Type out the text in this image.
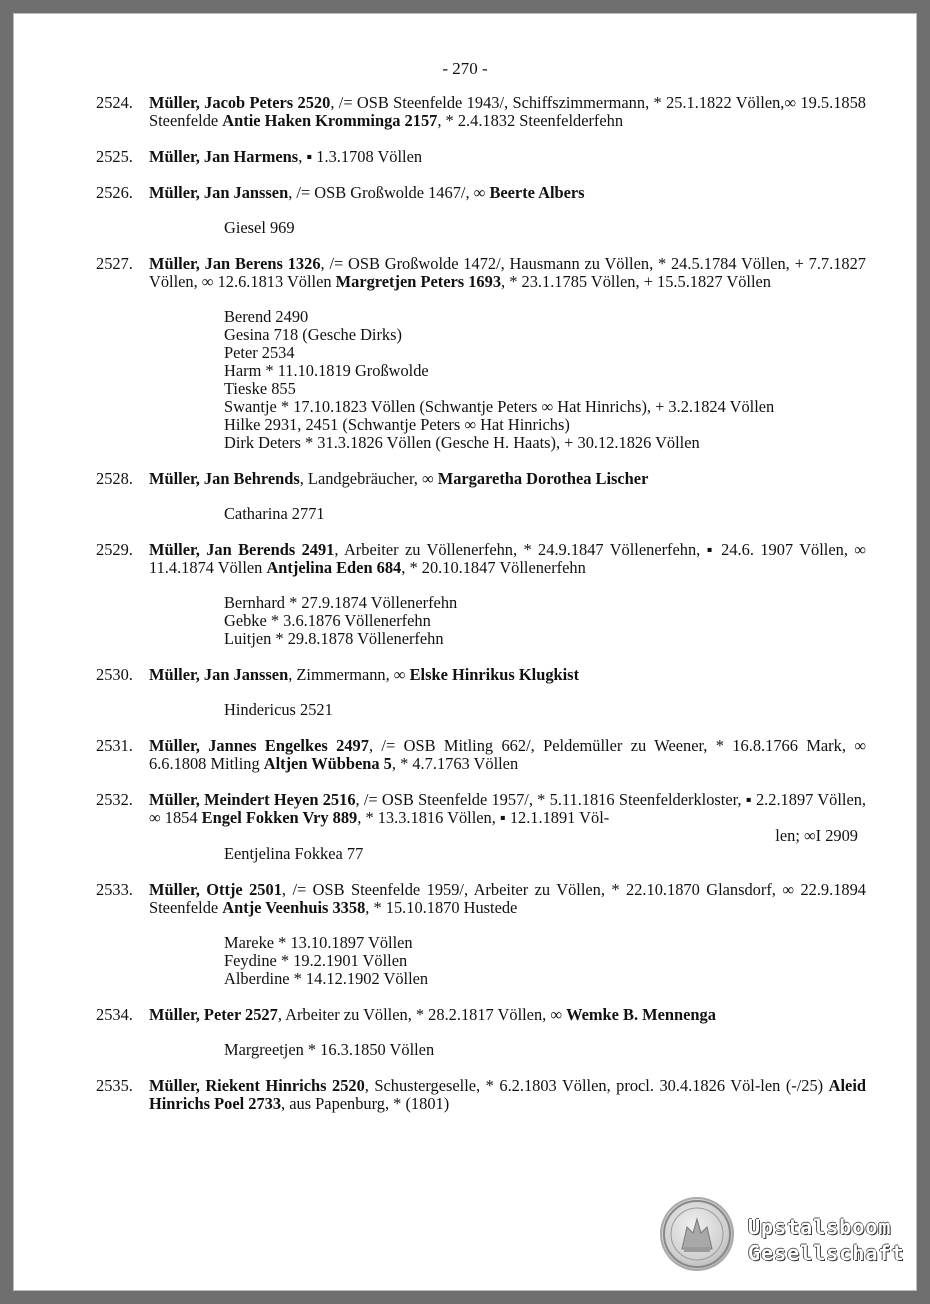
- 270 -
2524. Müller, Jacob Peters 2520, /= OSB Steenfelde 1943/, Schiffszimmermann, * 25.1.1822 Völlen,∞ 19.5.1858 Steenfelde Antie Haken Kromminga 2157, * 2.4.1832 Steenfelderfehn

2525. Müller, Jan Harmens, ▪ 1.3.1708 Völlen

2526. Müller, Jan Janssen, /= OSB Großwolde 1467/, ∞ Beerte Albers

Giesel 969
2527. Müller, Jan Berens 1326, /= OSB Großwolde 1472/, Hausmann zu Völlen, * 24.5.1784 Völlen, + 7.7.1827 Völlen, ∞ 12.6.1813 Völlen Margretjen Peters 1693, * 23.1.1785 Völlen, + 15.5.1827 Völlen

Berend 2490
Gesina 718 (Gesche Dirks)
Peter 2534
Harm * 11.10.1819 Großwolde
Tieske 855
Swantje * 17.10.1823 Völlen (Schwantje Peters ∞ Hat Hinrichs), + 3.2.1824 Völlen
Hilke 2931, 2451 (Schwantje Peters ∞ Hat Hinrichs)
Dirk Deters * 31.3.1826 Völlen (Gesche H. Haats), + 30.12.1826 Völlen
2528. Müller, Jan Behrends, Landgebräucher, ∞ Margaretha Dorothea Lischer

Catharina 2771
2529. Müller, Jan Berends 2491, Arbeiter zu Völlenerfehn, * 24.9.1847 Völlenerfehn, ▪ 24.6. 1907 Völlen, ∞ 11.4.1874 Völlen Antjelina Eden 684, * 20.10.1847 Völlenerfehn

Bernhard * 27.9.1874 Völlenerfehn
Gebke * 3.6.1876 Völlenerfehn
Luitjen * 29.8.1878 Völlenerfehn
2530. Müller, Jan Janssen, Zimmermann, ∞ Elske Hinrikus Klugkist

Hindericus 2521
2531. Müller, Jannes Engelkes 2497, /= OSB Mitling 662/, Peldemüller zu Weener, * 16.8.1766 Mark, ∞ 6.6.1808 Mitling Altjen Wübbena 5, * 4.7.1763 Völlen

2532. Müller, Meindert Heyen 2516, /= OSB Steenfelde 1957/, * 5.11.1816 Steenfelderkloster, ▪ 2.2.1897 Völlen, ∞ 1854 Engel Fokken Vry 889, * 13.3.1816 Völlen, ▪ 12.1.1891 Völ-

len; ∞I 2909
Eentjelina Fokkea 77
2533. Müller, Ottje 2501, /= OSB Steenfelde 1959/, Arbeiter zu Völlen, * 22.10.1870 Glansdorf, ∞ 22.9.1894 Steenfelde Antje Veenhuis 3358, * 15.10.1870 Hustede

Mareke * 13.10.1897 Völlen
Feydine * 19.2.1901 Völlen
Alberdine * 14.12.1902 Völlen
2534. Müller, Peter 2527, Arbeiter zu Völlen, * 28.2.1817 Völlen, ∞ Wemke B. Mennenga

Margreetjen * 16.3.1850 Völlen
2535. Müller, Riekent Hinrichs 2520, Schustergeselle, * 6.2.1803 Völlen, procl. 30.4.1826 Völ-len (-/25) Aleid Hinrichs Poel 2733, aus Papenburg, * (1801)

Upstalsboom
Gesellschaft
